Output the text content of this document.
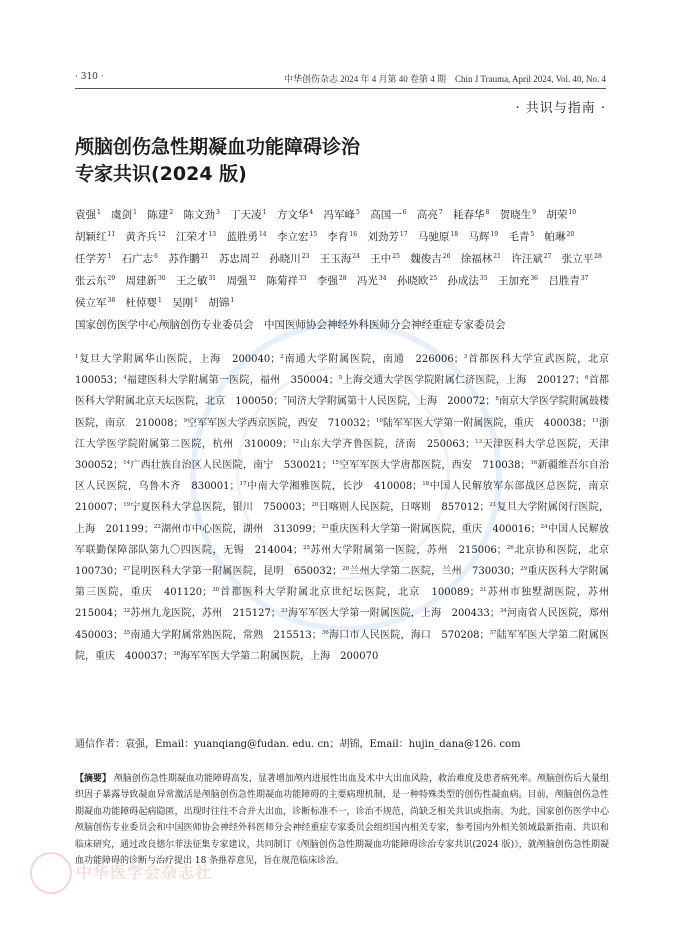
· 310 ·	中华创伤杂志 2024 年 4 月第 40 卷第 4 期　Chin J Trauma, April 2024, Vol. 40, No. 4
· 共识与指南 ·
颅脑创伤急性期凝血功能障碍诊治
专家共识(2024 版)
袁强$^1$ 虞剑$^1$ 陈建$^2$ 陈文劲$^3$ 丁天凌$^1$ 方文华$^4$ 冯军峰$^5$ 高国一$^6$ 高亮$^7$ 耗春华$^8$ 贺晓生$^9$ 胡荣$^{10}$ 胡颖红$^{11}$ 黄齐兵$^{12}$ 江荣才$^{13}$ 蓝胜勇$^{14}$ 李立宏$^{15}$ 李育$^{16}$ 刘劲芳$^{17}$ 马驰原$^{18}$ 马辉$^{19}$ 毛青$^5$ 帕琳$^{20}$ 任学芳$^1$ 石广志$^6$ 苏作鹏$^{21}$ 苏忠周$^{22}$ 孙晓川$^{23}$ 王玉海$^{24}$ 王中$^{25}$ 魏俊吉$^{26}$ 徐福林$^{21}$ 许汪斌$^{27}$ 张立平$^{28}$ 张云东$^{29}$ 周建新$^{30}$ 王之敏$^{31}$ 周强$^{32}$ 陈菊祥$^{33}$ 李强$^{28}$ 冯光$^{34}$ 孙晓欧$^{25}$ 孙成法$^{35}$ 王加充$^{36}$ 吕胜青$^{37}$ 侯立军$^{38}$ 杜倬婴$^1$ 吴刚$^1$ 胡锦$^1$
国家创伤医学中心颅脑创伤专业委员会　中国医师协会神经外科医师分会神经重症专家委员会
$^1$复旦大学附属华山医院，上海　200040；$^2$南通大学附属医院，南通　226006；$^3$首都医科大学宣武医院，北京　100053；$^4$福建医科大学附属第一医院，福州　350004；$^5$上海交通大学医学院附属仁济医院，上海　200127；$^6$首都医科大学附属北京天坛医院，北京　100050；$^7$同济大学附属第十人民医院，上海　200072；$^8$南京大学医学院附属鼓楼医院，南京　210008；$^9$空军军医大学西京医院，西安　710032；$^{10}$陆军军医大学第一附属医院，重庆　400038；$^{11}$浙江大学医学院附属第二医院，杭州　310009；$^{12}$山东大学齐鲁医院，济南　250063；$^{13}$天津医科大学总医院，天津　300052；$^{14}$广西壮族自治区人民医院，南宁　530021；$^{15}$空军军医大学唐都医院，西安　710038；$^{16}$新疆维吾尔自治区人民医院，乌鲁木齐　830001；$^{17}$中南大学湘雅医院，长沙　410008；$^{18}$中国人民解放军东部战区总医院，南京　210007；$^{19}$宁夏医科大学总医院，银川　750003；$^{20}$日喀则人民医院，日喀则　857012；$^{21}$复旦大学附属闵行医院，上海　201199；$^{22}$湖州市中心医院，湖州　313099；$^{23}$重庆医科大学第一附属医院，重庆　400016；$^{24}$中国人民解放军联勤保障部队第九〇四医院，无锡　214004；$^{25}$苏州大学附属第一医院，苏州　215006；$^{26}$北京协和医院，北京　100730；$^{27}$昆明医科大学第一附属医院，昆明　650032；$^{28}$兰州大学第二医院，兰州　730030；$^{29}$重庆医科大学附属第三医院，重庆　401120；$^{30}$首都医科大学附属北京世纪坛医院，北京　100089；$^{31}$苏州市独墅湖医院，苏州　215004；$^{32}$苏州九龙医院，苏州　215127；$^{33}$海军军医大学第一附属医院，上海　200433；$^{34}$河南省人民医院，郑州　450003；$^{35}$南通大学附属常熟医院，常熟　215513；$^{36}$海口市人民医院，海口　570208；$^{37}$陆军军医大学第二附属医院，重庆　400037；$^{38}$海军军医大学第二附属医院，上海　200070
通信作者：袁强，Email：yuanqiang@fudan. edu. cn；胡锦，Email：hujin_dana@126. com
【摘要】 颅脑创伤急性期凝血功能障碍高发，显著增加颅内进展性出血及术中大出血风险，救治难度及患者病死率。颅脑创伤后大量组织因子暴露导致凝血异常激活是颅脑创伤急性期凝血功能障碍的主要病理机制，是一种特殊类型的创伤性凝血病。目前，颅脑创伤急性期凝血功能障碍起病隐匿，出现时往往不合并大出血，诊断标准不一，诊治不规范，尚缺乏相关共识或指南。为此，国家创伤医学中心颅脑创伤专业委员会和中国医师协会神经外科医师分会神经重症专家委员会组织国内相关专家，参考国内外相关领域最新指南、共识和临床研究，通过改良德尔菲法征集专家建议，共同制订《颅脑创伤急性期凝血功能障碍诊治专家共识(2024 版)》，就颅脑创伤急性期凝血功能障碍的诊断与治疗提出 18 条推荐意见，旨在规范临床诊治。
中华医学会杂志社
